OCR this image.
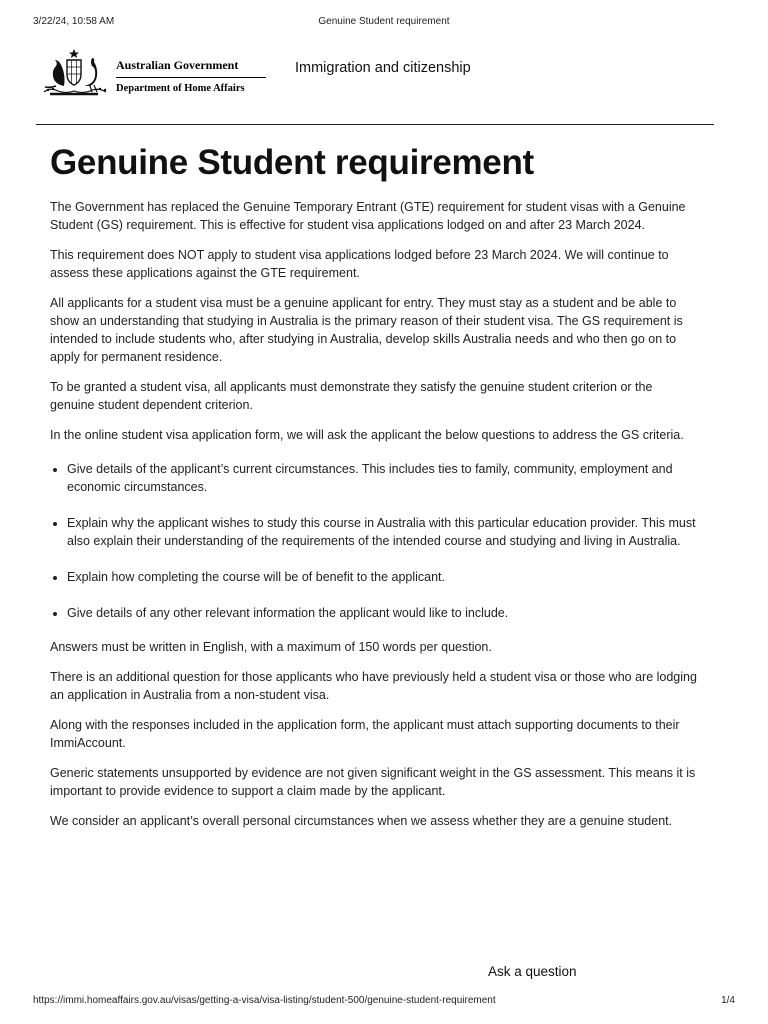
3/22/24, 10:58 AM	Genuine Student requirement
Australian Government
Department of Home Affairs
Immigration and citizenship
Genuine Student requirement

The Government has replaced the Genuine Temporary Entrant (GTE) requirement for student visas with a Genuine Student (GS) requirement. This is effective for student visa applications lodged on and after 23 March 2024.

This requirement does NOT apply to student visa applications lodged before 23 March 2024. We will continue to assess these applications against the GTE requirement.

All applicants for a student visa must be a genuine applicant for entry. They must stay as a student and be able to show an understanding that studying in Australia is the primary reason of their student visa. The GS requirement is intended to include students who, after studying in Australia, develop skills Australia needs and who then go on to apply for permanent residence.

To be granted a student visa, all applicants must demonstrate they satisfy the genuine student criterion or the genuine student dependent criterion.

In the online student visa application form, we will ask the applicant the below questions to address the GS criteria.

• Give details of the applicant’s current circumstances. This includes ties to family, community, employment and economic circumstances.
• Explain why the applicant wishes to study this course in Australia with this particular education provider. This must also explain their understanding of the requirements of the intended course and studying and living in Australia.
• Explain how completing the course will be of benefit to the applicant.
• Give details of any other relevant information the applicant would like to include.

Answers must be written in English, with a maximum of 150 words per question.

There is an additional question for those applicants who have previously held a student visa or those who are lodging an application in Australia from a non-student visa.

Along with the responses included in the application form, the applicant must attach supporting documents to their ImmiAccount.

Generic statements unsupported by evidence are not given significant weight in the GS assessment. This means it is important to provide evidence to support a claim made by the applicant.

We consider an applicant’s overall personal circumstances when we assess whether they are a genuine student.

Ask a question
https://immi.homeaffairs.gov.au/visas/getting-a-visa/visa-listing/student-500/genuine-student-requirement	1/4
